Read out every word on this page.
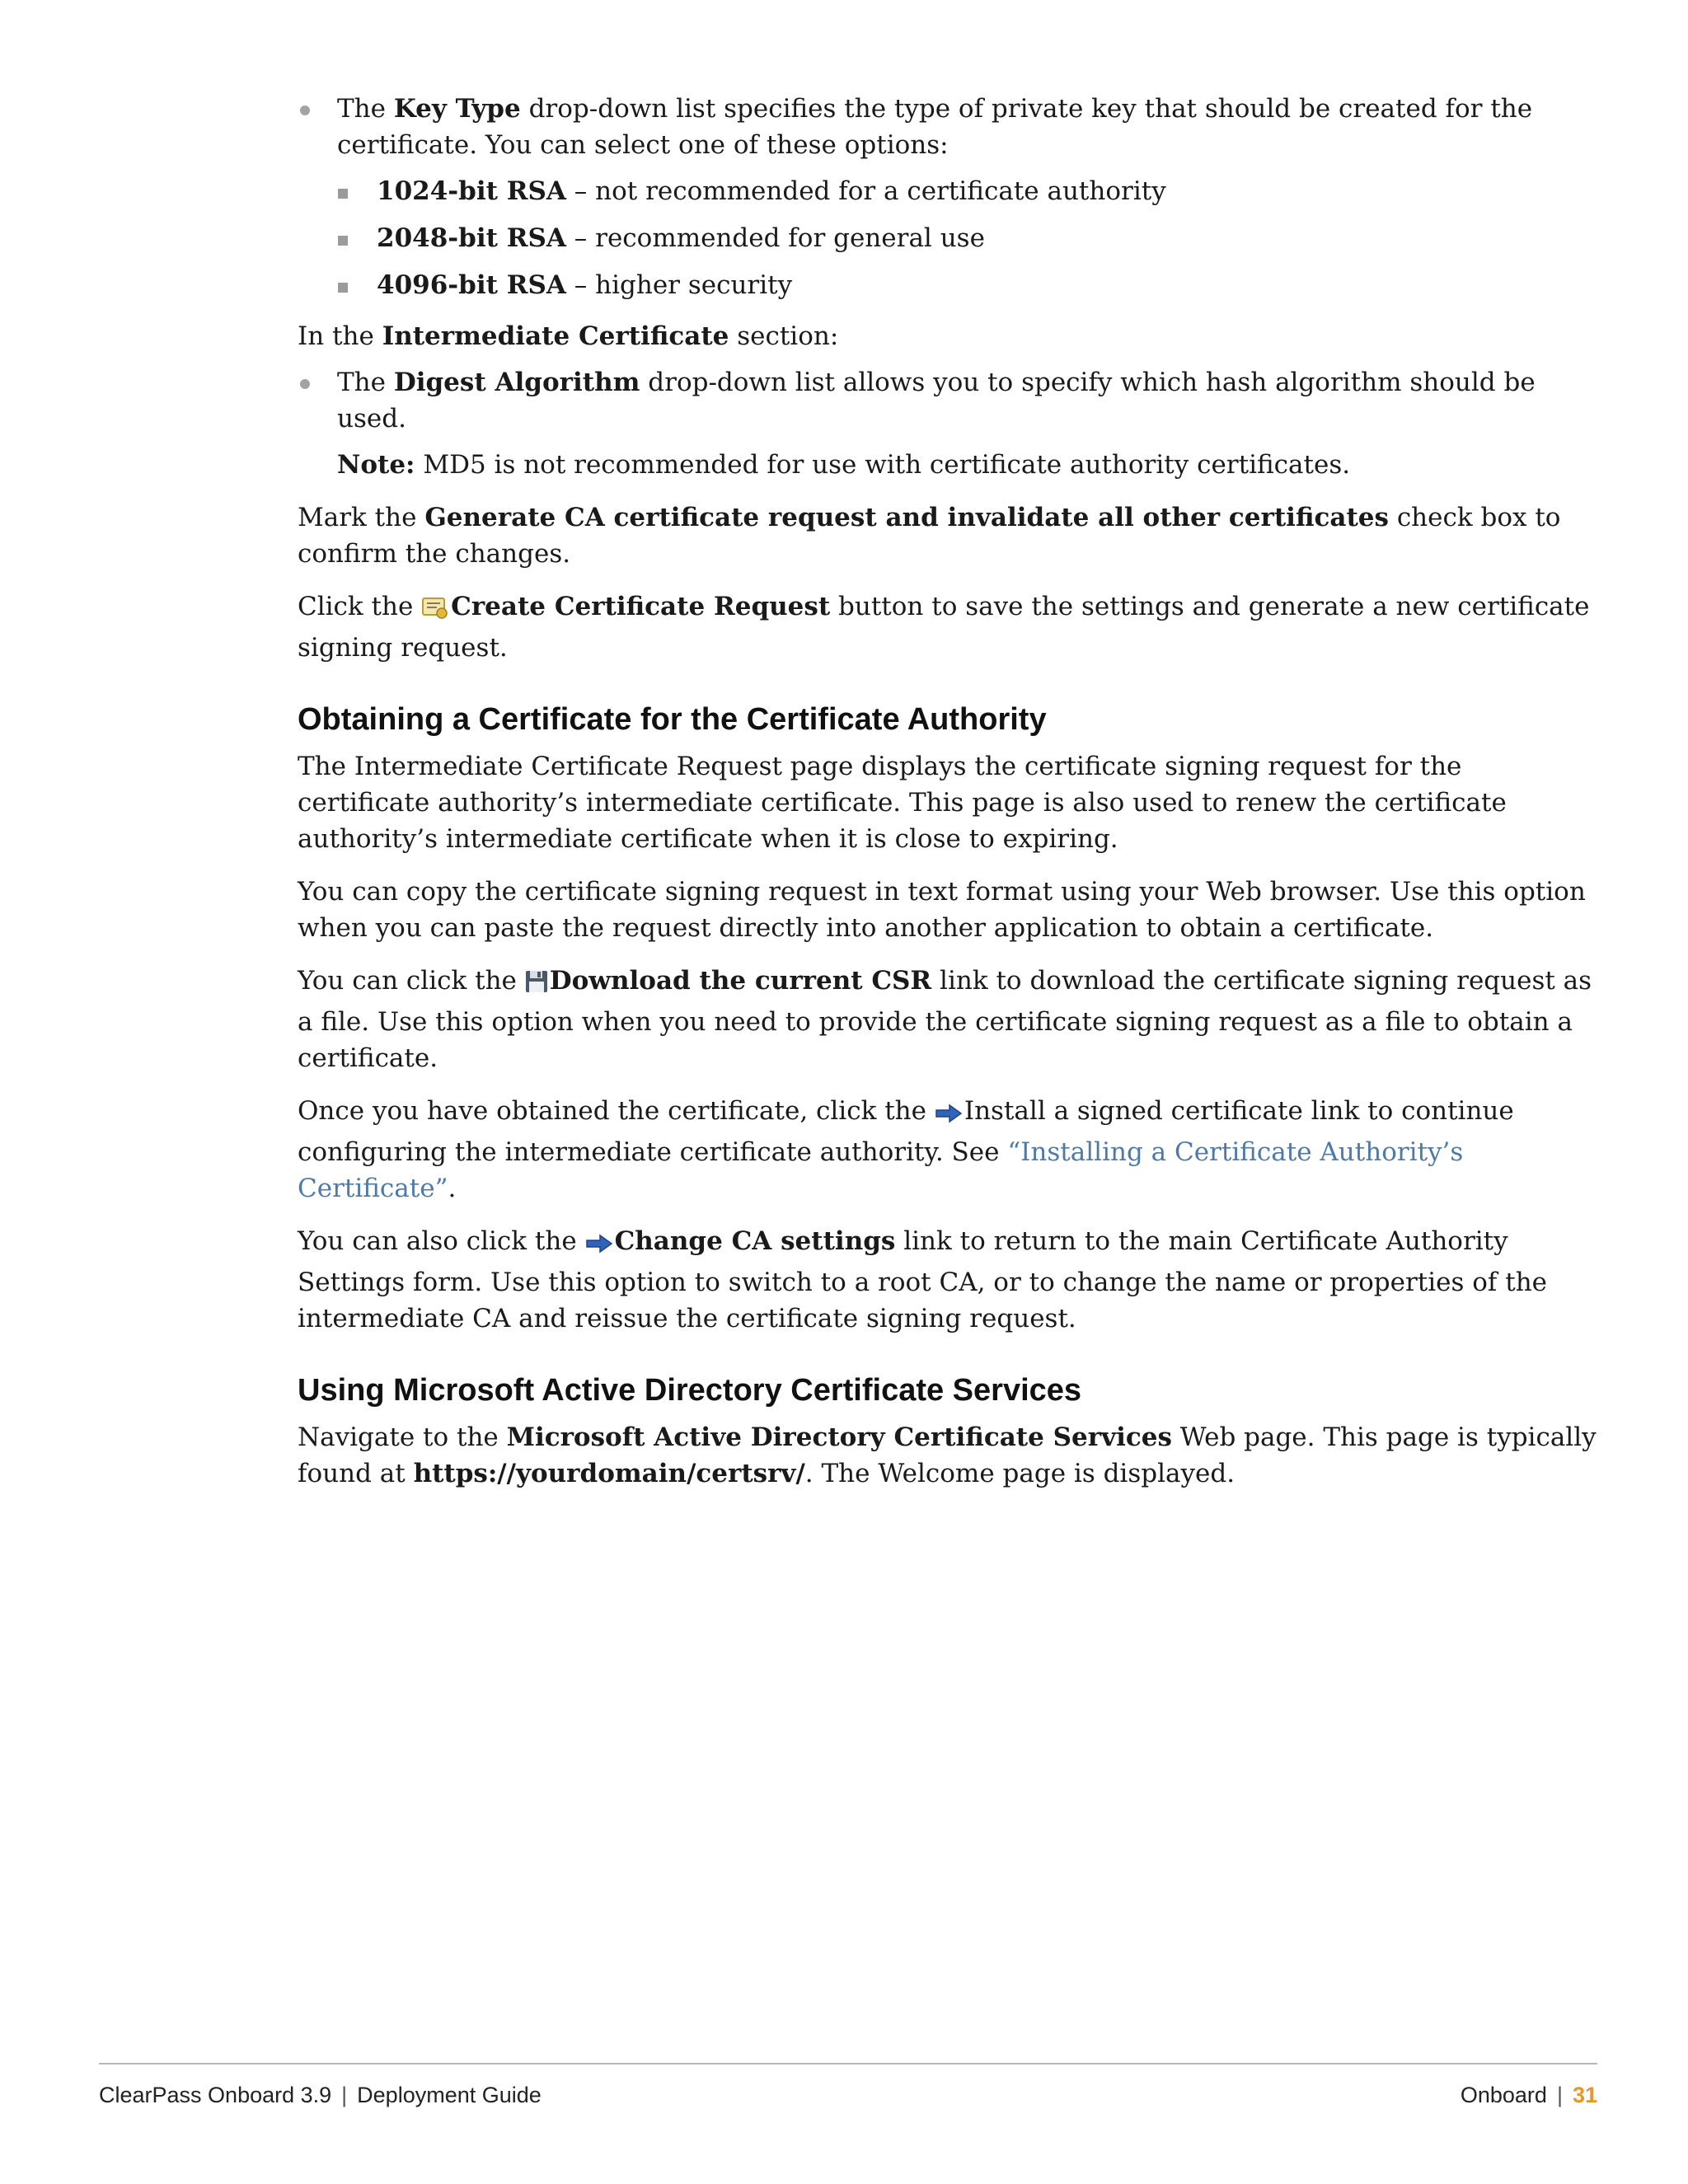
The Key Type drop-down list specifies the type of private key that should be created for the certificate. You can select one of these options:
1024-bit RSA – not recommended for a certificate authority
2048-bit RSA – recommended for general use
4096-bit RSA – higher security

In the Intermediate Certificate section:

The Digest Algorithm drop-down list allows you to specify which hash algorithm should be used.
Note: MD5 is not recommended for use with certificate authority certificates.

Mark the Generate CA certificate request and invalidate all other certificates check box to confirm the changes.

Click the Create Certificate Request button to save the settings and generate a new certificate signing request.

Obtaining a Certificate for the Certificate Authority

The Intermediate Certificate Request page displays the certificate signing request for the certificate authority’s intermediate certificate. This page is also used to renew the certificate authority’s intermediate certificate when it is close to expiring.

You can copy the certificate signing request in text format using your Web browser. Use this option when you can paste the request directly into another application to obtain a certificate.

You can click the Download the current CSR link to download the certificate signing request as a file. Use this option when you need to provide the certificate signing request as a file to obtain a certificate.

Once you have obtained the certificate, click the Install a signed certificate link to continue configuring the intermediate certificate authority. See “Installing a Certificate Authority’s Certificate”.

You can also click the Change CA settings link to return to the main Certificate Authority Settings form. Use this option to switch to a root CA, or to change the name or properties of the intermediate CA and reissue the certificate signing request.

Using Microsoft Active Directory Certificate Services

Navigate to the Microsoft Active Directory Certificate Services Web page. This page is typically found at https://yourdomain/certsrv/. The Welcome page is displayed.

ClearPass Onboard 3.9 | Deployment Guide	Onboard | 31
